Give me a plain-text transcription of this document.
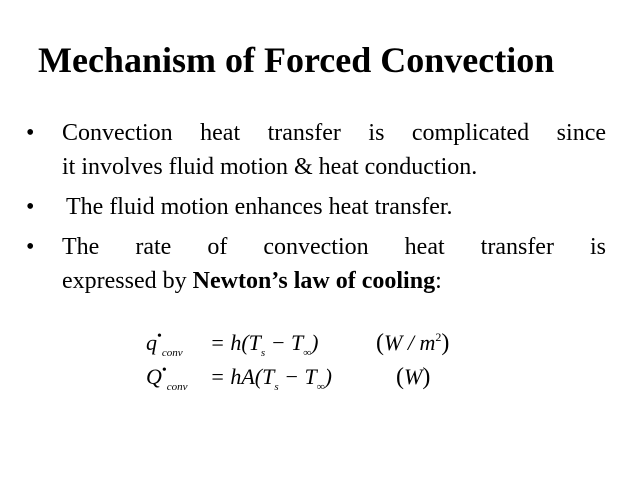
Mechanism of Forced Convection
•	Convection heat transfer is complicated since
it involves fluid motion & heat conduction.
•	The fluid motion enhances heat transfer.
•	The rate of convection heat transfer is
expressed by Newton’s law of cooling:
$q^•_{conv} = h(T_s - T_\infty)$ $(W / m^2)$
$Q^•_{conv} = hA(T_s - T_\infty)$	(W)
